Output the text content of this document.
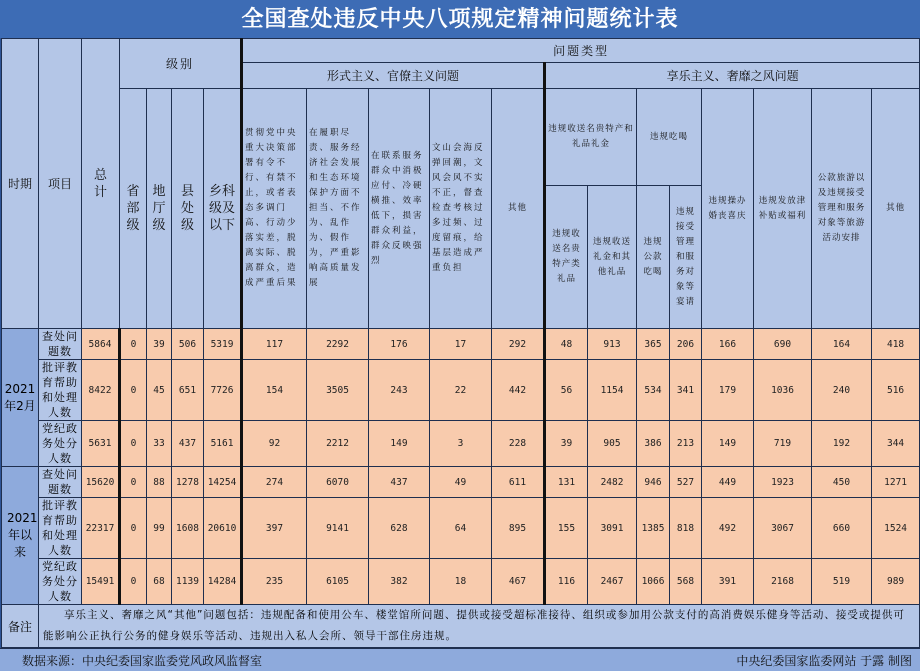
全国查处违反中央八项规定精神问题统计表
时期	项目	总计	级别				问题类型												
							形式主义、官僚主义问题					享乐主义、奢靡之风问题							

			省部级	地厅级	县处级	乡科级及以下	贯彻党中央重大决策部署有令不行、有禁不止，或者表态多调门高、行动少落实差，脱离实际、脱离群众，造成严重后果	在履职尽责、服务经济社会发展和生态环境保护方面不担当、不作为、乱作为、假作为，严重影响高质量发展	在联系服务群众中消极应付、冷硬横推、效率低下，损害群众利益，群众反映强烈	文山会海反弹回潮，文风会风不实不正，督查检查考核过多过频、过度留痕，给基层造成严重负担	其他	违规收送名贵特产和礼品礼金		违规吃喝		违规操办婚丧喜庆	违规发放津补贴或福利	公款旅游以及违规接受管理和服务对象等旅游活动安排	其他
												违规收送名贵特产类礼品	违规收送礼金和其他礼品	违规公款吃喝	违规接受管理和服务对象等宴请				

2021年2月	查处问题数	5864	0	39	506	5319	117	2292	176	17	292	48	913	365	206	166	690	164	418
	批评教育帮助和处理人数	8422	0	45	651	7726	154	3505	243	22	442	56	1154	534	341	179	1036	240	516
	党纪政务处分人数	5631	0	33	437	5161	92	2212	149	3	228	39	905	386	213	149	719	192	344

2021年以来	查处问题数	15620	0	88	1278	14254	274	6070	437	49	611	131	2482	946	527	449	1923	450	1271
	批评教育帮助和处理人数	22317	0	99	1608	20610	397	9141	628	64	895	155	3091	1385	818	492	3067	660	1524
	党纪政务处分人数	15491	0	68	1139	14284	235	6105	382	18	467	116	2467	1066	568	391	2168	519	989
备注	享乐主义、奢靡之风“其他”问题包括：违规配备和使用公车、楼堂馆所问题、提供或接受超标准接待、组织或参加用公款支付的高消费娱乐健身等活动、接受或提供可能影响公正执行公务的健身娱乐等活动、违规出入私人会所、领导干部住房违规。																		
数据来源：中央纪委国家监委党风政风监督室	中央纪委国家监委网站 于露 制图
